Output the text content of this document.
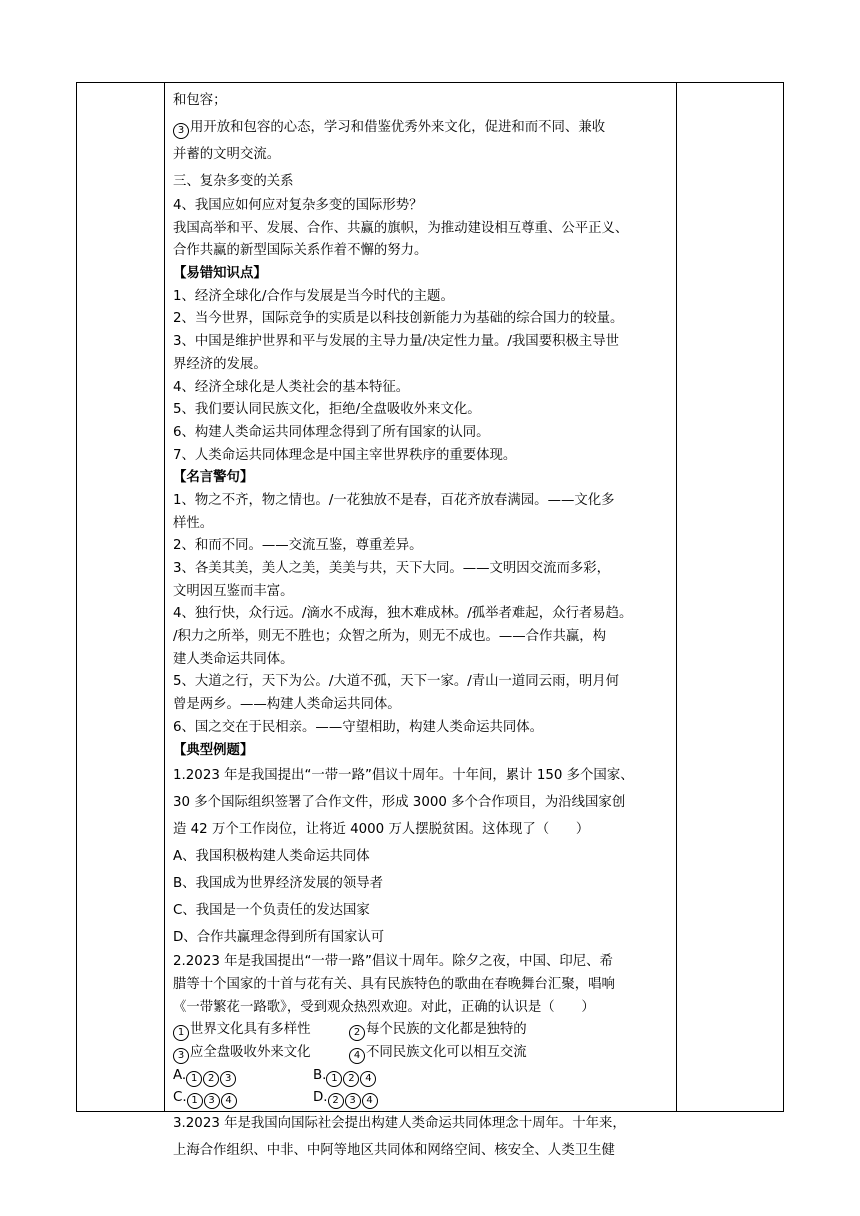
和包容；
3 用开放和包容的心态，学习和借鉴优秀外来文化，促进和而不同、兼收
并蓄的文明交流。
三、复杂多变的关系
4、我国应如何应对复杂多变的国际形势？
我国高举和平、发展、合作、共赢的旗帜，为推动建设相互尊重、公平正义、
合作共赢的新型国际关系作着不懈的努力。
【易错知识点】
1、经济全球化/合作与发展是当今时代的主题。
2、当今世界，国际竞争的实质是以科技创新能力为基础的综合国力的较量。
3、中国是维护世界和平与发展的主导力量/决定性力量。/我国要积极主导世
界经济的发展。
4、经济全球化是人类社会的基本特征。
5、我们要认同民族文化，拒绝/全盘吸收外来文化。
6、构建人类命运共同体理念得到了所有国家的认同。
7、人类命运共同体理念是中国主宰世界秩序的重要体现。
【名言警句】
1、物之不齐，物之情也。/一花独放不是春，百花齐放春满园。——文化多
样性。
2、和而不同。——交流互鉴，尊重差异。
3、各美其美，美人之美，美美与共，天下大同。——文明因交流而多彩，
文明因互鉴而丰富。
4、独行快，众行远。/滴水不成海，独木难成林。/孤举者难起，众行者易趋。
/积力之所举，则无不胜也；众智之所为，则无不成也。——合作共赢，构
建人类命运共同体。
5、大道之行，天下为公。/大道不孤，天下一家。/青山一道同云雨，明月何
曾是两乡。——构建人类命运共同体。
6、国之交在于民相亲。——守望相助，构建人类命运共同体。
【典型例题】
1.2023 年是我国提出“一带一路”倡议十周年。十年间，累计 150 多个国家、
30 多个国际组织签署了合作文件，形成 3000 多个合作项目，为沿线国家创
造 42 万个工作岗位，让将近 4000 万人摆脱贫困。这体现了（　　）
A、我国积极构建人类命运共同体
B、我国成为世界经济发展的领导者
C、我国是一个负责任的发达国家
D、合作共赢理念得到所有国家认可
2.2023 年是我国提出“一带一路”倡议十周年。除夕之夜，中国、印尼、希
腊等十个国家的十首与花有关、具有民族特色的歌曲在春晚舞台汇聚，唱响
《一带繁花一路歌》，受到观众热烈欢迎。对此，正确的认识是（　　）
1 世界文化具有多样性	2 每个民族的文化都是独特的
3 应全盘吸收外来文化	4 不同民族文化可以相互交流
A. 1 2 3	B. 1 2 4
C. 1 3 4	D. 2 3 4
3.2023 年是我国向国际社会提出构建人类命运共同体理念十周年。十年来，
上海合作组织、中非、中阿等地区共同体和网络空间、核安全、人类卫生健
